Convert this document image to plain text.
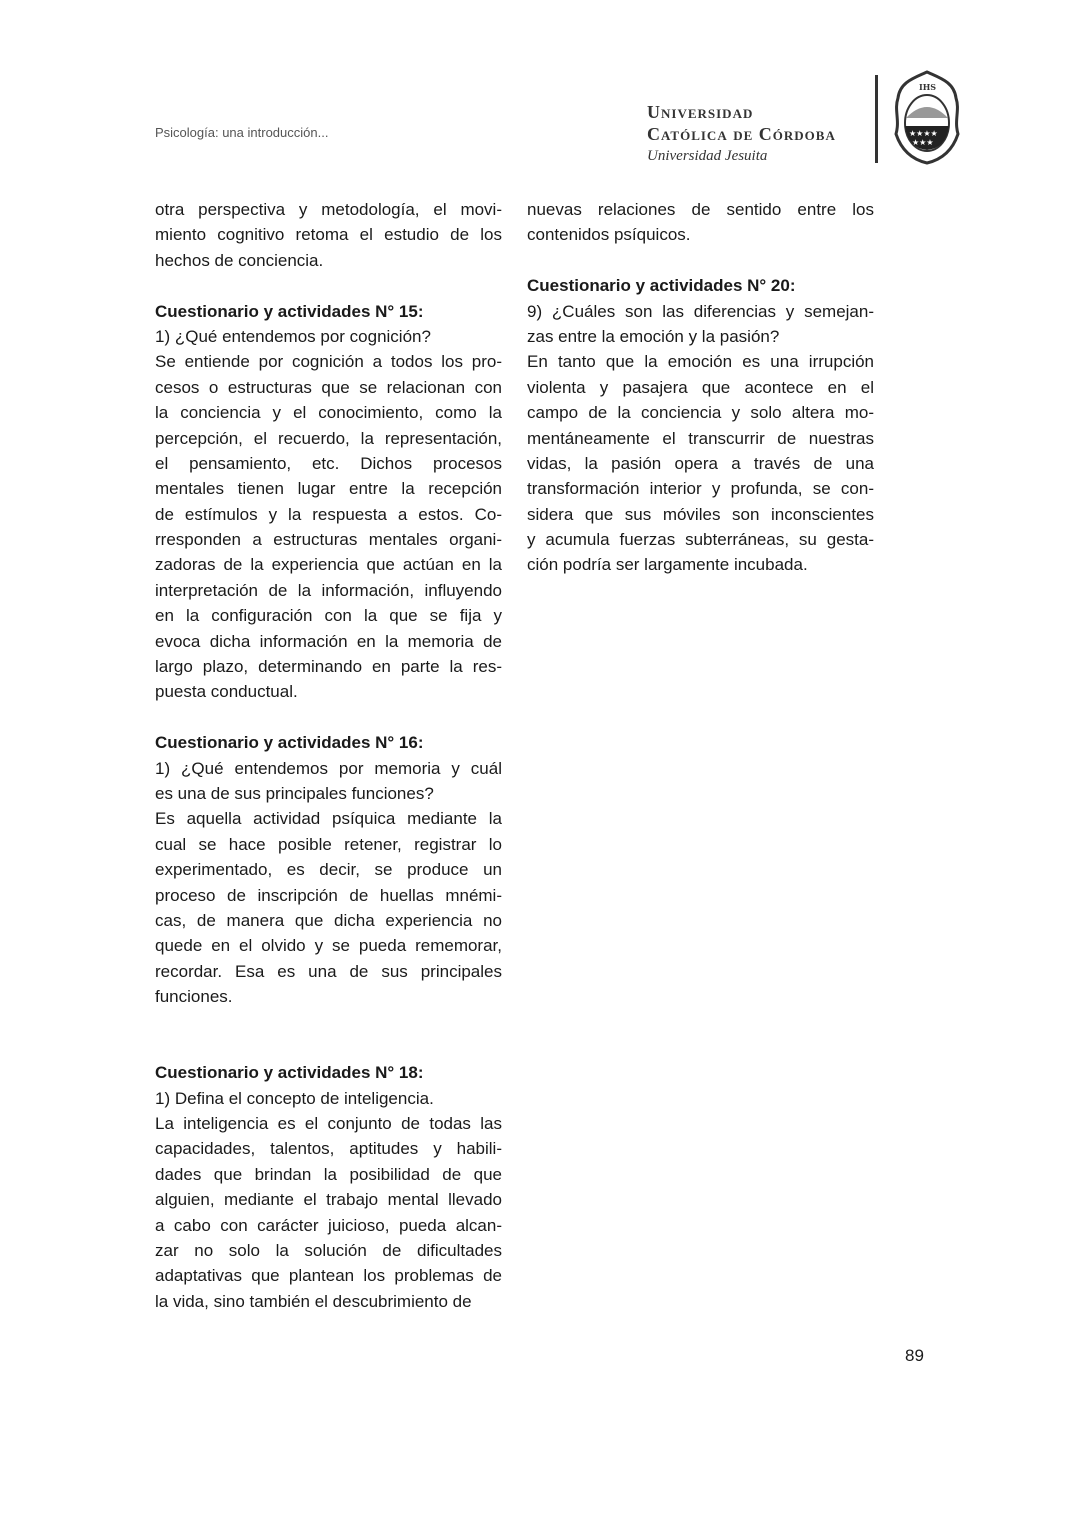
Psicología: una introducción...
Universidad
Católica de Córdoba
Universidad Jesuita
★★★★
★★★
IHS
otra perspectiva y metodología, el movi-
miento cognitivo retoma el estudio de los
hechos de conciencia.
Cuestionario y actividades N° 15:
1) ¿Qué entendemos por cognición?
Se entiende por cognición a todos los pro-
cesos o estructuras que se relacionan con
la conciencia y el conocimiento, como la
percepción, el recuerdo, la representación,
el pensamiento, etc. Dichos procesos
mentales tienen lugar entre la recepción
de estímulos y la respuesta a estos. Co-
rresponden a estructuras mentales organi-
zadoras de la experiencia que actúan en la
interpretación de la información, influyendo
en la configuración con la que se fija y
evoca dicha información en la memoria de
largo plazo, determinando en parte la res-
puesta conductual.
Cuestionario y actividades N° 16:
1) ¿Qué entendemos por memoria y cuál
es una de sus principales funciones?
Es aquella actividad psíquica mediante la
cual se hace posible retener, registrar lo
experimentado, es decir, se produce un
proceso de inscripción de huellas mnémi-
cas, de manera que dicha experiencia no
quede en el olvido y se pueda rememorar,
recordar. Esa es una de sus principales
funciones.
Cuestionario y actividades N° 18:
1) Defina el concepto de inteligencia.
La inteligencia es el conjunto de todas las
capacidades, talentos, aptitudes y habili-
dades que brindan la posibilidad de que
alguien, mediante el trabajo mental llevado
a cabo con carácter juicioso, pueda alcan-
zar no solo la solución de dificultades
adaptativas que plantean los problemas de
la vida, sino también el descubrimiento de
nuevas relaciones de sentido entre los
contenidos psíquicos.
Cuestionario y actividades N° 20:
9) ¿Cuáles son las diferencias y semejan-
zas entre la emoción y la pasión?
En tanto que la emoción es una irrupción
violenta y pasajera que acontece en el
campo de la conciencia y solo altera mo-
mentáneamente el transcurrir de nuestras
vidas, la pasión opera a través de una
transformación interior y profunda, se con-
sidera que sus móviles son inconscientes
y acumula fuerzas subterráneas, su gesta-
ción podría ser largamente incubada.
89
